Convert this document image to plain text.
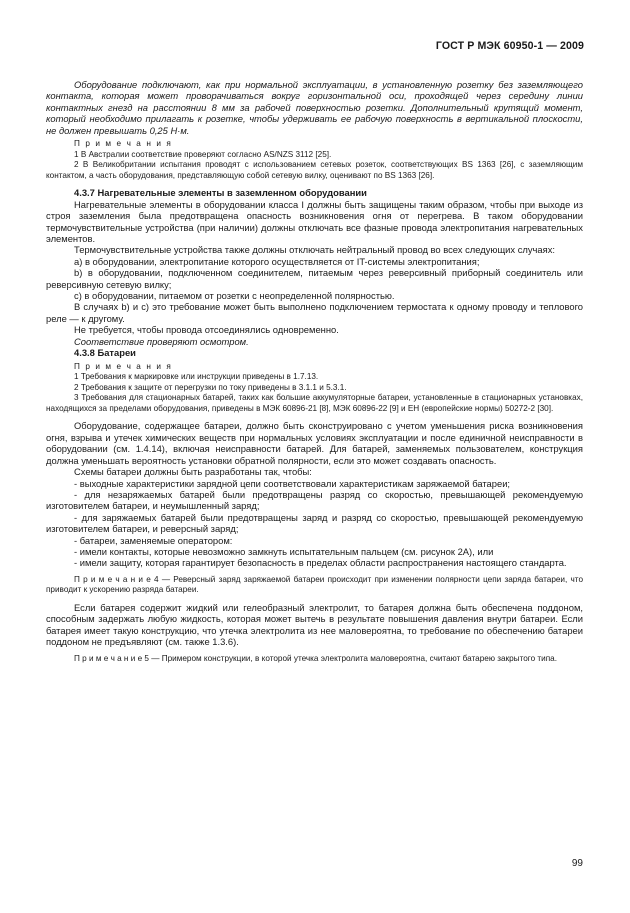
ГОСТ Р МЭК 60950-1 — 2009

Оборудование подключают, как при нормальной эксплуатации, в установленную розетку без заземляющего контакта, которая может проворачиваться вокруг горизонтальной оси, проходящей через середину линии контактных гнезд на расстоянии 8 мм за рабочей поверхностью розетки. Дополнительный крутящий момент, который необходимо прилагать к розетке, чтобы удерживать ее рабочую поверхность в вертикальной плоскости, не должен превышать 0,25 Н·м.

П р и м е ч а н и я

1 В Австралии соответствие проверяют согласно AS/NZS 3112 [25].

2 В Великобритании испытания проводят с использованием сетевых розеток, соответствующих BS 1363 [26], с заземляющим контактом, а часть оборудования, представляющую собой сетевую вилку, оценивают по BS 1363 [26].

4.3.7 Нагревательные элементы в заземленном оборудовании

Нагревательные элементы в оборудовании класса I должны быть защищены таким образом, чтобы при выходе из строя заземления была предотвращена опасность возникновения огня от перегрева. В таком оборудовании термочувствительные устройства (при наличии) должны отключать все фазные провода электропитания нагревательных элементов.

Термочувствительные устройства также должны отключать нейтральный провод во всех следующих случаях:

a) в оборудовании, электропитание которого осуществляется от IT-системы электропитания;

b) в оборудовании, подключенном соединителем, питаемым через реверсивный приборный соединитель или реверсивную сетевую вилку;

c) в оборудовании, питаемом от розетки с неопределенной полярностью.

В случаях b) и c) это требование может быть выполнено подключением термостата к одному проводу и теплового реле — к другому.

Не требуется, чтобы провода отсоединялись одновременно.

Соответствие проверяют осмотром.

4.3.8 Батареи

П р и м е ч а н и я

1 Требования к маркировке или инструкции приведены в 1.7.13.

2 Требования к защите от перегрузки по току приведены в 3.1.1 и 5.3.1.

3 Требования для стационарных батарей, таких как большие аккумуляторные батареи, установленные в стационарных установках, находящихся за пределами оборудования, приведены в МЭК 60896-21 [8], МЭК 60896-22 [9] и ЕН (европейские нормы) 50272-2 [30].

Оборудование, содержащее батареи, должно быть сконструировано с учетом уменьшения риска возникновения огня, взрыва и утечек химических веществ при нормальных условиях эксплуатации и после единичной неисправности в оборудовании (см. 1.4.14), включая неисправности батарей. Для батарей, заменяемых пользователем, конструкция должна уменьшать вероятность установки обратной полярности, если это может создавать опасность.

Схемы батареи должны быть разработаны так, чтобы:

- выходные характеристики зарядной цепи соответствовали характеристикам заряжаемой батареи;

- для незаряжаемых батарей были предотвращены разряд со скоростью, превышающей рекомендуемую изготовителем батареи, и неумышленный заряд;

- для заряжаемых батарей были предотвращены заряд и разряд со скоростью, превышающей рекомендуемую изготовителем батареи, и реверсный заряд;

- батареи, заменяемые оператором:

- имели контакты, которые невозможно замкнуть испытательным пальцем (см. рисунок 2А), или

- имели защиту, которая гарантирует безопасность в пределах области распространения настоящего стандарта.

П р и м е ч а н и е 4 — Реверсный заряд заряжаемой батареи происходит при изменении полярности цепи заряда батареи, что приводит к ускорению разряда батареи.

Если батарея содержит жидкий или гелеобразный электролит, то батарея должна быть обеспечена поддоном, способным задержать любую жидкость, которая может вытечь в результате повышения давления внутри батареи. Если батарея имеет такую конструкцию, что утечка электролита из нее маловероятна, то требование по обеспечению батареи поддоном не предъявляют (см. также 1.3.6).

П р и м е ч а н и е 5 — Примером конструкции, в которой утечка электролита маловероятна, считают батарею закрытого типа.

99
